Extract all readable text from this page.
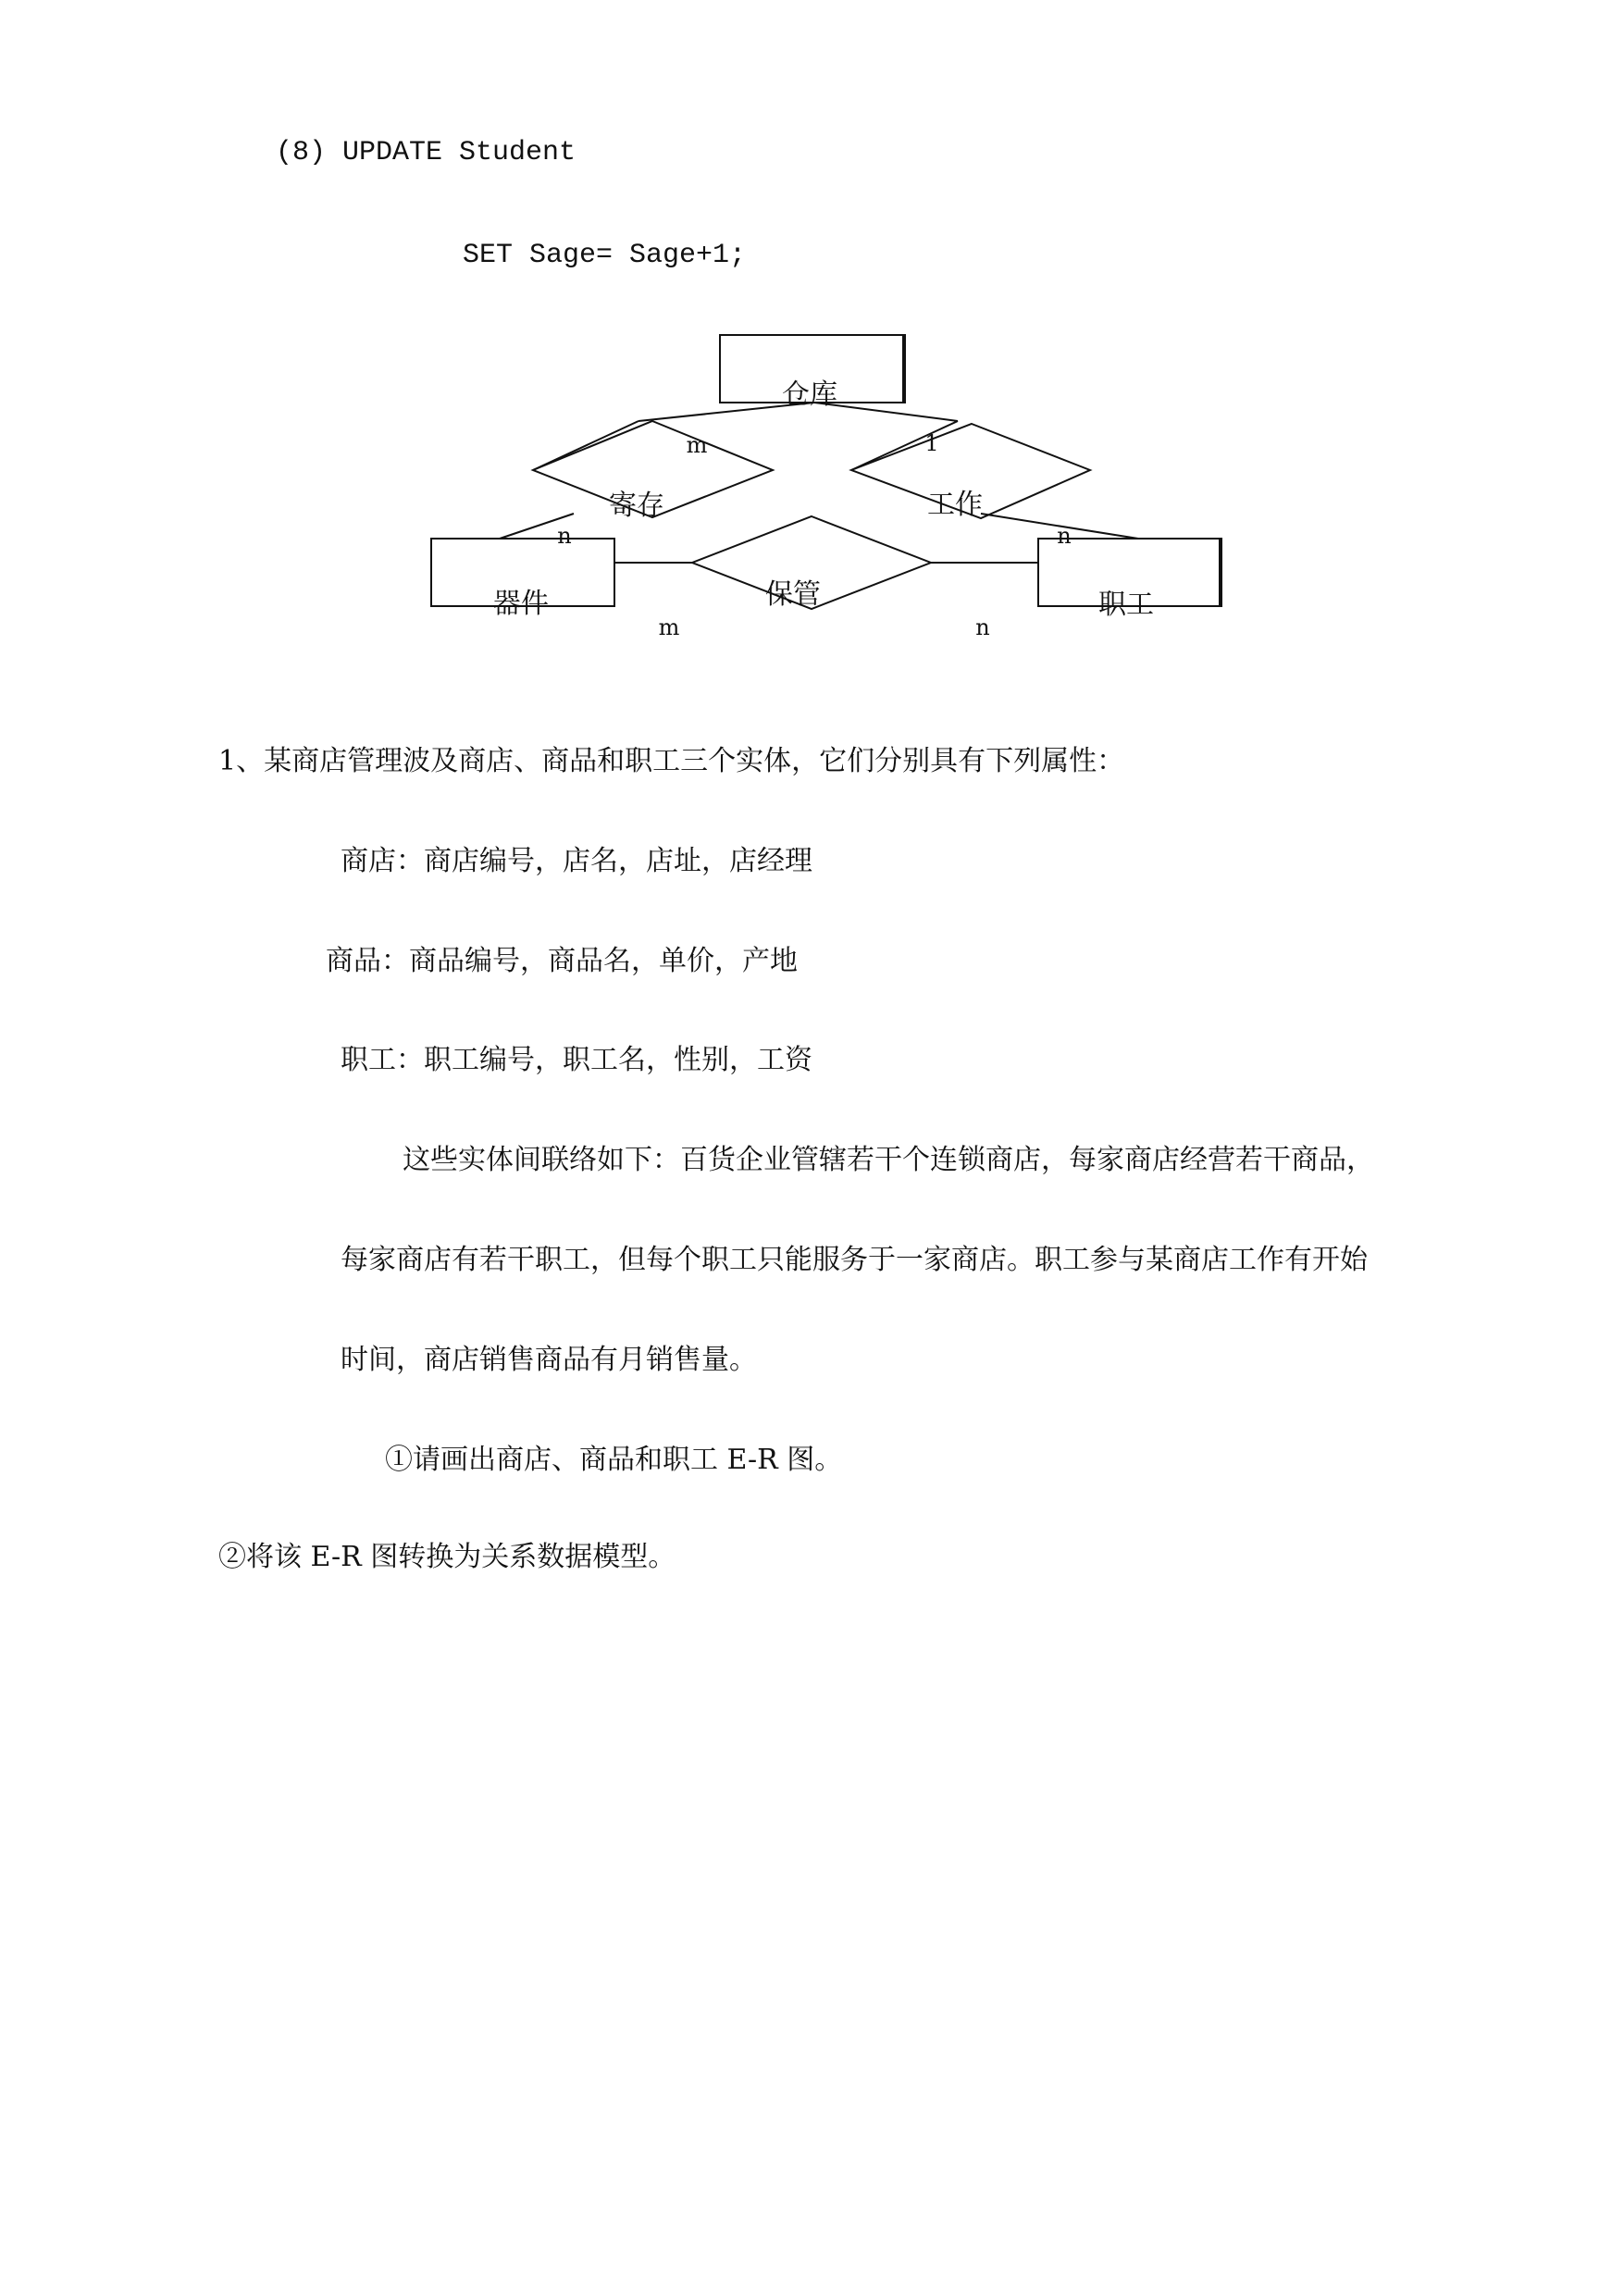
(8) UPDATE Student
SET Sage= Sage+1;
仓库
器件	职工
寄存	工作
保管
m
n
1
n
m	n
1、某商店管理波及商店、商品和职工三个实体，它们分别具有下列属性：
商店：商店编号，店名，店址，店经理
商品：商品编号，商品名，单价，产地
职工：职工编号，职工名，性别，工资
这些实体间联络如下：百货企业管辖若干个连锁商店，每家商店经营若干商品，
每家商店有若干职工，但每个职工只能服务于一家商店。职工参与某商店工作有开始
时间，商店销售商品有月销售量。
①请画出商店、商品和职工 E-R 图。
②将该 E-R 图转换为关系数据模型。
